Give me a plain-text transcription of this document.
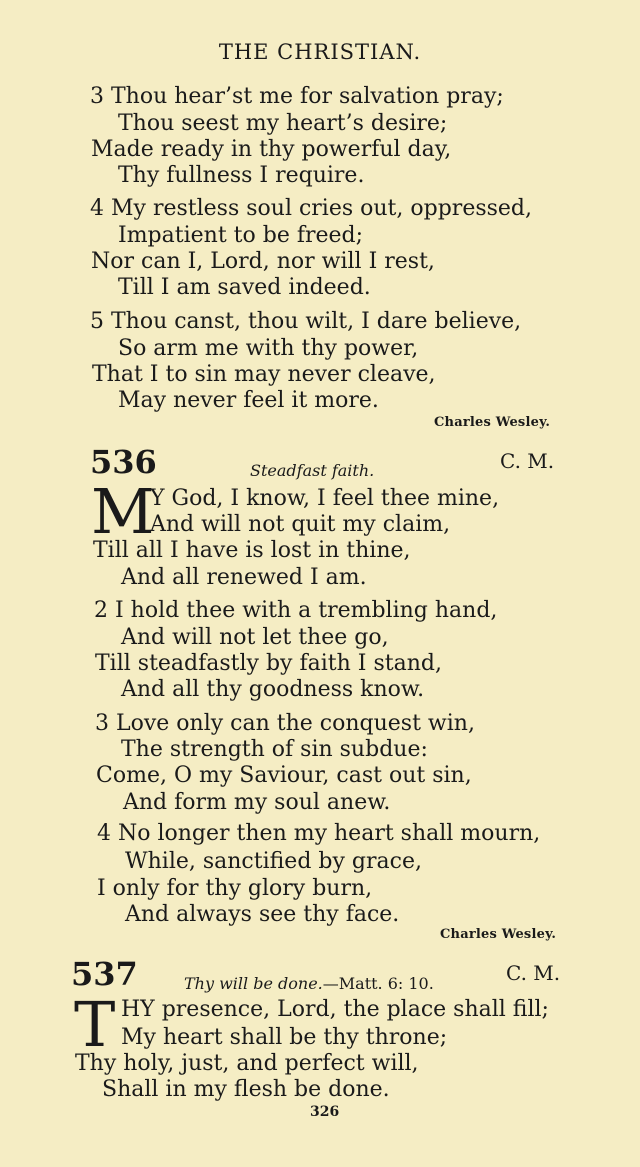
THE CHRISTIAN.
3 Thou hear’st me for salvation pray;
Thou seest my heart’s desire;
Made ready in thy powerful day,
Thy fullness I require.
4 My restless soul cries out, oppressed,
Impatient to be freed;
Nor can I, Lord, nor will I rest,
Till I am saved indeed.
5 Thou canst, thou wilt, I dare believe,
So arm me with thy power,
That I to sin may never cleave,
May never feel it more.
Charles Wesley.
536	Steadfast faith.	C. M.
M
Y God, I know, I feel thee mine,
And will not quit my claim,
Till all I have is lost in thine,
And all renewed I am.
2 I hold thee with a trembling hand,
And will not let thee go,
Till steadfastly by faith I stand,
And all thy goodness know.
3 Love only can the conquest win,
The strength of sin subdue:
Come, O my Saviour, cast out sin,
And form my soul anew.
4 No longer then my heart shall mourn,
While, sanctified by grace,
I only for thy glory burn,
And always see thy face.
Charles Wesley.
537	Thy will be done.—Matt. 6: 10.	C. M.
T HY presence, Lord, the place shall fill;
My heart shall be thy throne;
Thy holy, just, and perfect will,
Shall in my flesh be done.
326
